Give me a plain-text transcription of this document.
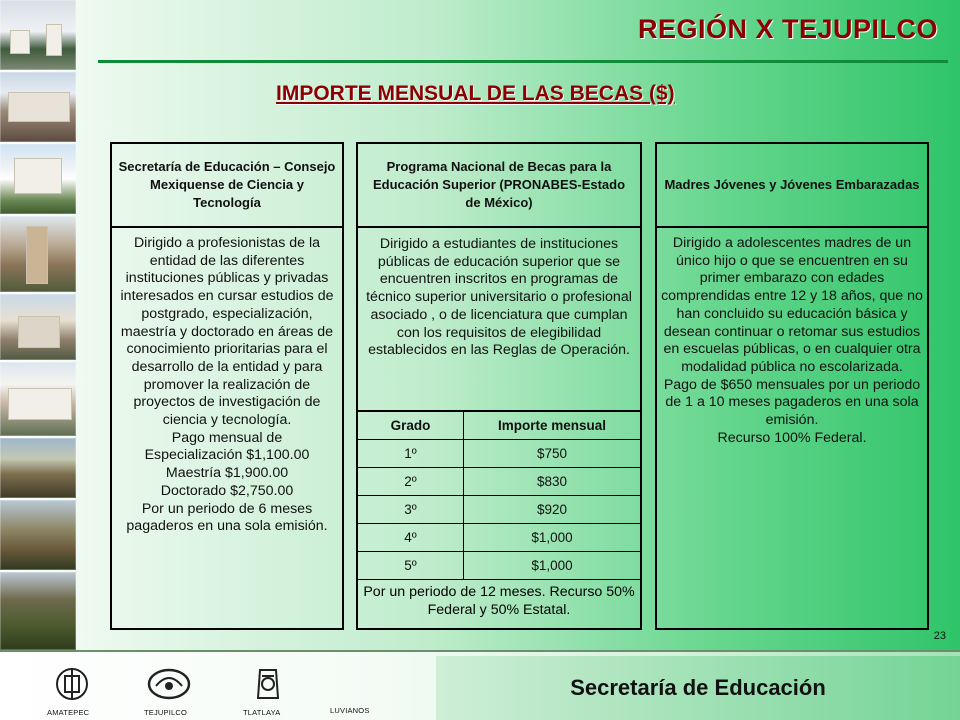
REGIÓN X TEJUPILCO
IMPORTE MENSUAL DE LAS BECAS ($)
Secretaría de Educación – Consejo Mexiquense de Ciencia y Tecnología

Dirigido a profesionistas de la entidad de las diferentes instituciones públicas y privadas interesados en cursar estudios de postgrado, especialización, maestría y doctorado en áreas de conocimiento prioritarias para el desarrollo de la entidad y para promover la realización de proyectos de investigación de ciencia y tecnología.

Pago mensual de

Especialización $1,100.00

Maestría $1,900.00

Doctorado $2,750.00

Por un periodo de 6 meses pagaderos en una sola emisión.

Programa Nacional de Becas para la Educación Superior (PRONABES-Estado de México)
Dirigido a estudiantes de instituciones públicas de educación superior que se encuentren inscritos en programas de técnico superior universitario o profesional asociado , o de licenciatura que cumplan con los requisitos de elegibilidad establecidos en las Reglas de Operación.
Grado	Importe mensual
1º	$750
2º	$830
3º	$920
4º	$1,000
5º	$1,000
Por un periodo de 12 meses. Recurso 50% Federal y 50% Estatal.
Madres Jóvenes y Jóvenes Embarazadas

Dirigido a adolescentes madres de un único hijo o que se encuentren en su primer embarazo con edades comprendidas entre 12 y 18 años, que no han concluido su educación básica y desean continuar o retomar sus estudios en escuelas públicas, o en cualquier otra modalidad pública no escolarizada.

Pago de $650 mensuales por un periodo de 1 a 10 meses pagaderos en una sola emisión.

Recurso 100% Federal.

23
AMATEPEC	TEJUPILCO	TLATLAYA	LUVIANOS
Secretaría de Educación
